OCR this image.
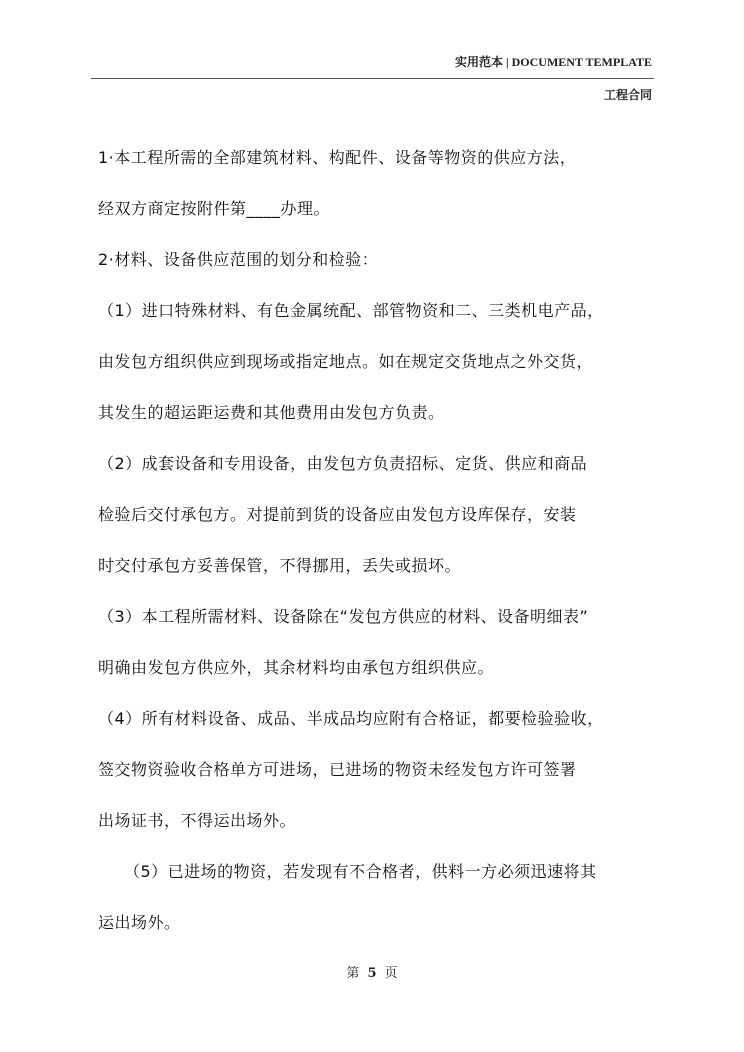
实用范本 | DOCUMENT TEMPLATE
工程合同
1·本工程所需的全部建筑材料、构配件、设备等物资的供应方法，
经双方商定按附件第____办理。
2·材料、设备供应范围的划分和检验：
（1）进口特殊材料、有色金属统配、部管物资和二、三类机电产品，
由发包方组织供应到现场或指定地点。如在规定交货地点之外交货，
其发生的超运距运费和其他费用由发包方负责。
（2）成套设备和专用设备，由发包方负责招标、定货、供应和商品
检验后交付承包方。对提前到货的设备应由发包方设库保存，安装
时交付承包方妥善保管，不得挪用，丢失或损坏。
（3）本工程所需材料、设备除在“发包方供应的材料、设备明细表”
明确由发包方供应外，其余材料均由承包方组织供应。
（4）所有材料设备、成品、半成品均应附有合格证，都要检验验收，
签交物资验收合格单方可进场，已进场的物资未经发包方许可签署
出场证书，不得运出场外。
（5）已进场的物资，若发现有不合格者，供料一方必须迅速将其
运出场外。
第 5 页
